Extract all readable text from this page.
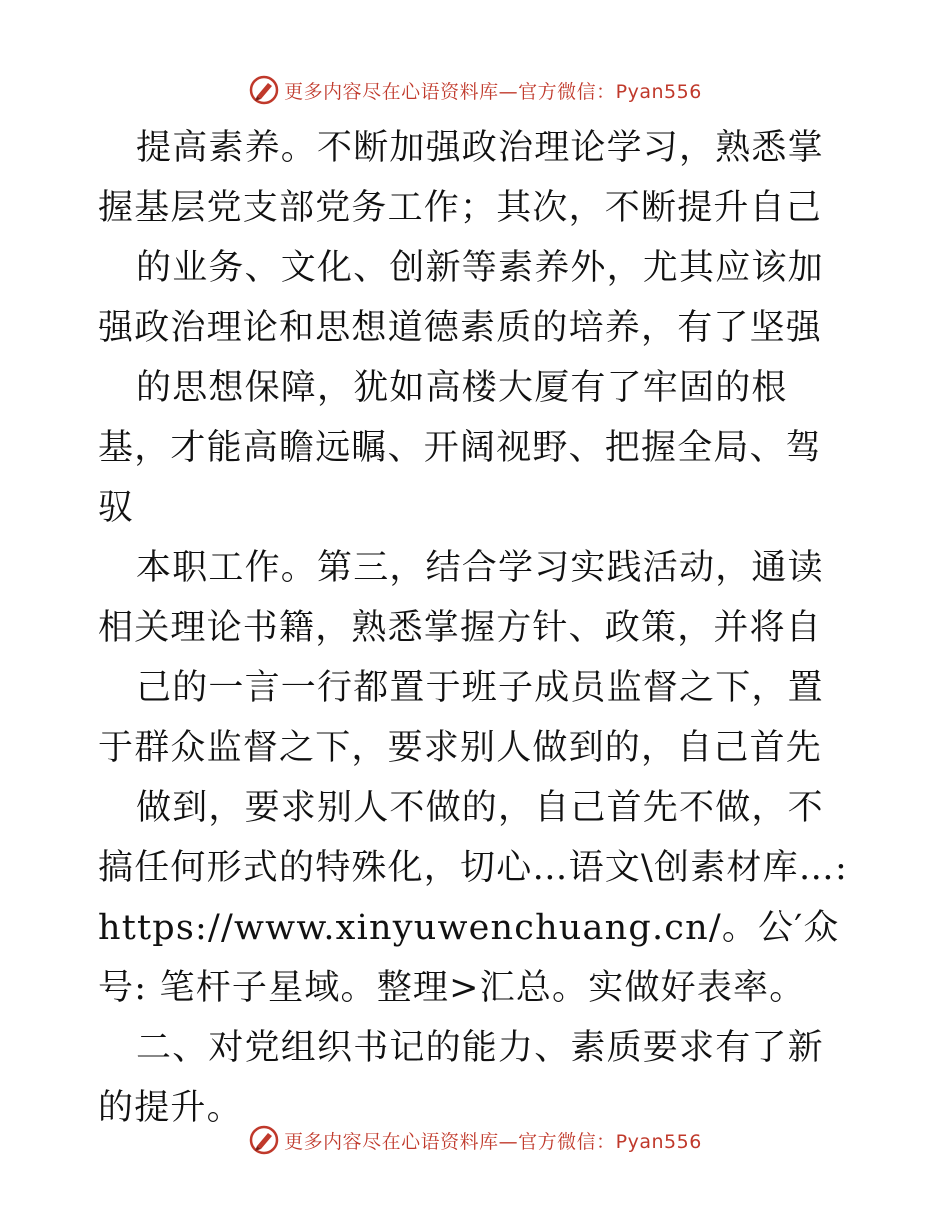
更多内容尽在心语资料库—官方微信：Pyan556

提高素养。不断加强政治理论学习，熟悉掌握基层党支部党务工作；其次，不断提升自己

的业务、文化、创新等素养外，尤其应该加强政治理论和思想道德素质的培养，有了坚强

的思想保障，犹如高楼大厦有了牢固的根基，才能高瞻远瞩、开阔视野、把握全局、驾驭

本职工作。第三，结合学习实践活动，通读相关理论书籍，熟悉掌握方针、政策，并将自

己的一言一行都置于班子成员监督之下，置于群众监督之下，要求别人做到的，自己首先

做到，要求别人不做的，自己首先不做，不搞任何形式的特殊化，切心…语文\创素材库…: https://www.xinyuwenchuang.cn/。公′众号: 笔杆子星域。整理>汇总。实做好表率。

二、对党组织书记的能力、素质要求有了新的提升。

更多内容尽在心语资料库—官方微信：Pyan556
